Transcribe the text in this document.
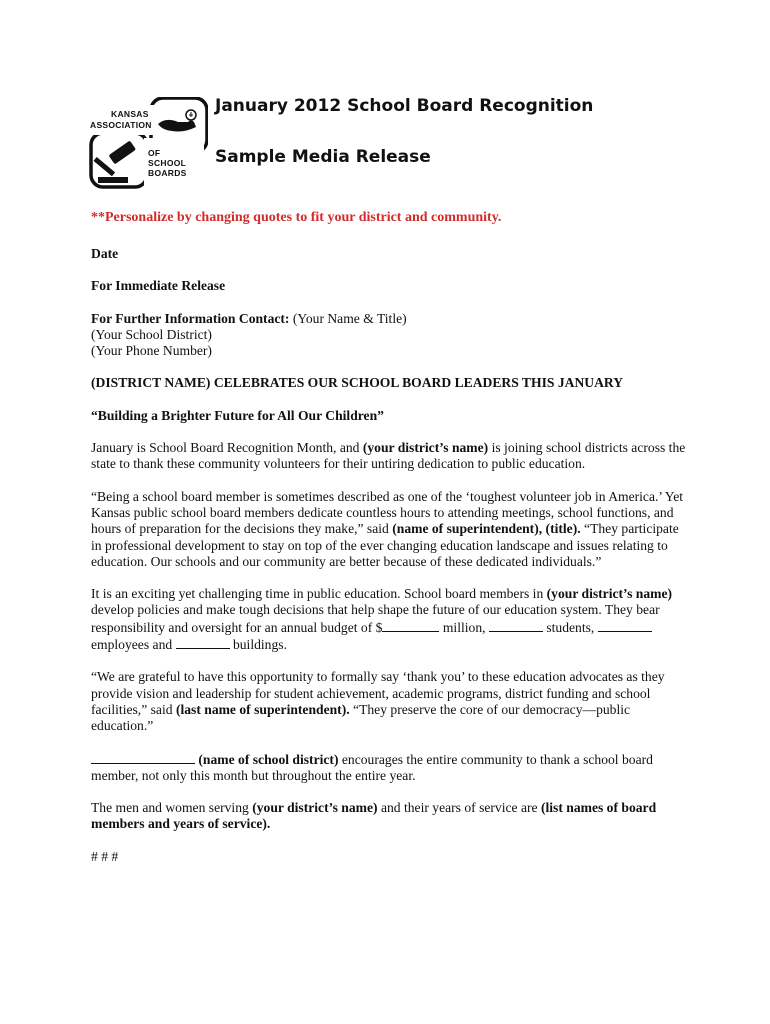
KANSAS
ASSOCIATION
OF
SCHOOL
BOARDS
January 2012 School Board Recognition
Sample Media Release
**Personalize by changing quotes to fit your district and community.

Date

For Immediate Release

For Further Information Contact: (Your Name & Title)
(Your School District)
(Your Phone Number)

(DISTRICT NAME) CELEBRATES OUR SCHOOL BOARD LEADERS THIS JANUARY

“Building a Brighter Future for All Our Children”

January is School Board Recognition Month, and (your district’s name) is joining school districts across the state to thank these community volunteers for their untiring dedication to public education.

“Being a school board member is sometimes described as one of the ‘toughest volunteer job in America.’ Yet Kansas public school board members dedicate countless hours to attending meetings, school functions, and hours of preparation for the decisions they make,” said (name of superintendent), (title). “They participate in professional development to stay on top of the ever changing education landscape and issues relating to education. Our schools and our community are better because of these dedicated individuals.”

It is an exciting yet challenging time in public education. School board members in (your district’s name) develop policies and make tough decisions that help shape the future of our education system. They bear responsibility and oversight for an annual budget of $	million,	students,  employees and	buildings.

“We are grateful to have this opportunity to formally say ‘thank you’ to these education advocates as they provide vision and leadership for student achievement, academic programs, district funding and school facilities,” said (last name of superintendent). “They preserve the core of our democracy—public education.”

(name of school district) encourages the entire community to thank a school board member, not only this month but throughout the entire year.

The men and women serving (your district’s name) and their years of service are (list names of board members and years of service).

# # #
